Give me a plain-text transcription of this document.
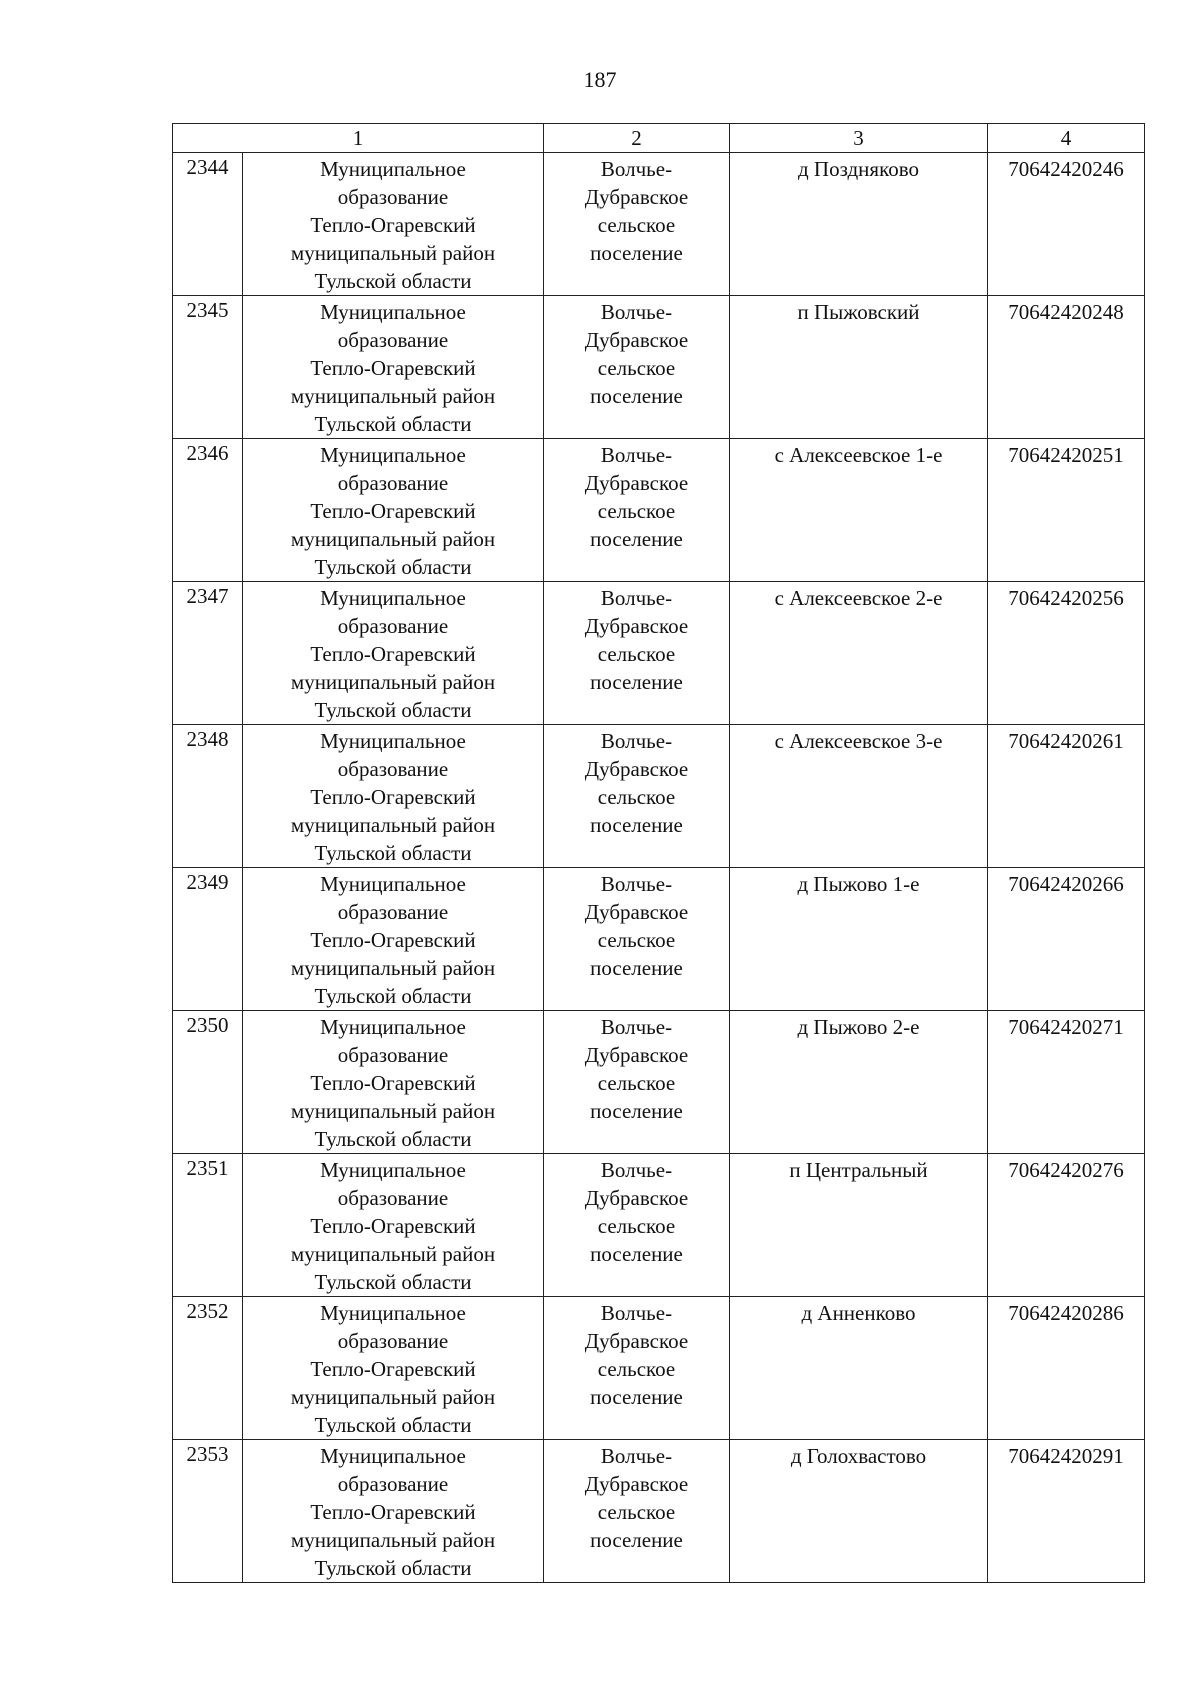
187
1		2	3	4
2344	Муниципальное
образование
Тепло-Огаревский
муниципальный район
Тульской области	Волчье-
Дубравское
сельское
поселение	д Поздняково	70642420246

2345	Муниципальное
образование
Тепло-Огаревский
муниципальный район
Тульской области	Волчье-
Дубравское
сельское
поселение	п Пыжовский	70642420248

2346	Муниципальное
образование
Тепло-Огаревский
муниципальный район
Тульской области	Волчье-
Дубравское
сельское
поселение	с Алексеевское 1-е	70642420251

2347	Муниципальное
образование
Тепло-Огаревский
муниципальный район
Тульской области	Волчье-
Дубравское
сельское
поселение	с Алексеевское 2-е	70642420256

2348	Муниципальное
образование
Тепло-Огаревский
муниципальный район
Тульской области	Волчье-
Дубравское
сельское
поселение	с Алексеевское 3-е	70642420261

2349	Муниципальное
образование
Тепло-Огаревский
муниципальный район
Тульской области	Волчье-
Дубравское
сельское
поселение	д Пыжово 1-е	70642420266

2350	Муниципальное
образование
Тепло-Огаревский
муниципальный район
Тульской области	Волчье-
Дубравское
сельское
поселение	д Пыжово 2-е	70642420271

2351	Муниципальное
образование
Тепло-Огаревский
муниципальный район
Тульской области	Волчье-
Дубравское
сельское
поселение	п Центральный	70642420276

2352	Муниципальное
образование
Тепло-Огаревский
муниципальный район
Тульской области	Волчье-
Дубравское
сельское
поселение	д Анненково	70642420286

2353	Муниципальное
образование
Тепло-Огаревский
муниципальный район
Тульской области	Волчье-
Дубравское
сельское
поселение	д Голохвастово	70642420291
